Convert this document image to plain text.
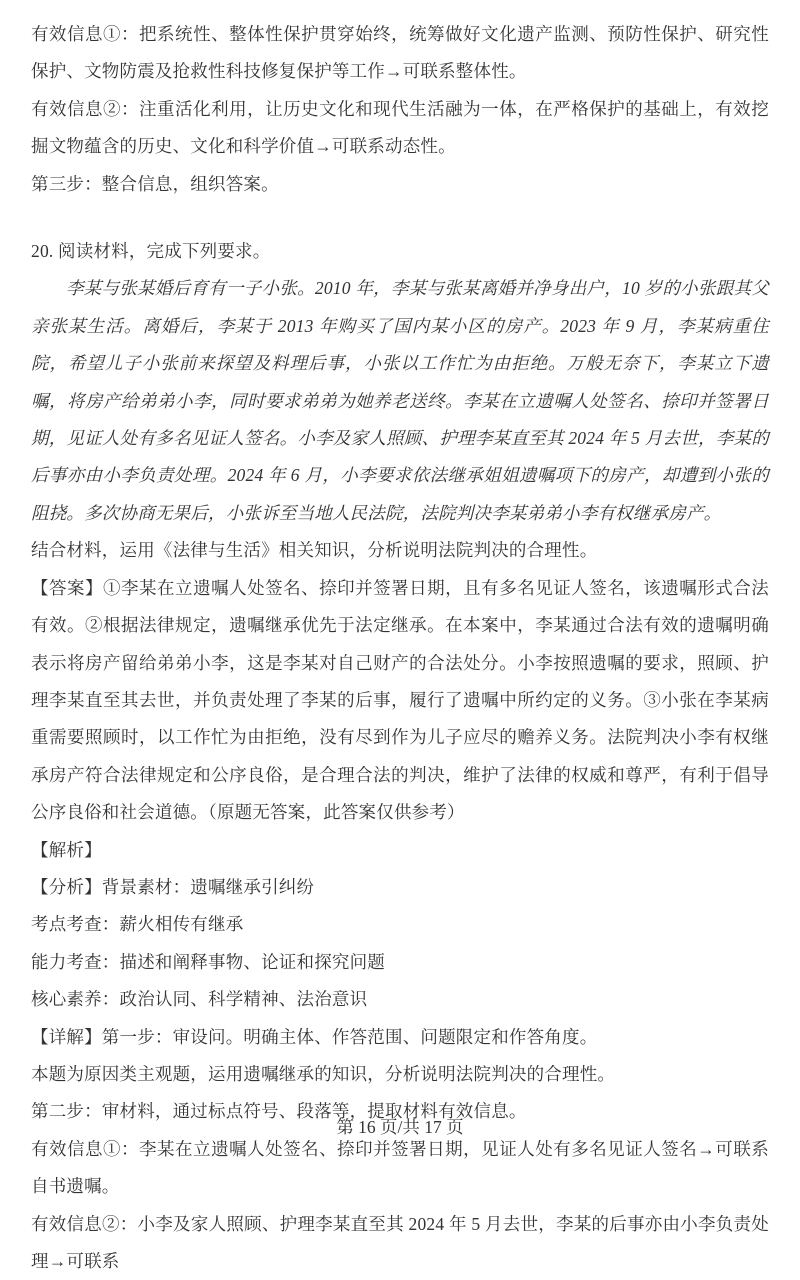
有效信息①：把系统性、整体性保护贯穿始终，统筹做好文化遗产监测、预防性保护、研究性保护、文物防震及抢救性科技修复保护等工作→可联系整体性。

有效信息②：注重活化利用，让历史文化和现代生活融为一体，在严格保护的基础上，有效挖掘文物蕴含的历史、文化和科学价值→可联系动态性。

第三步：整合信息，组织答案。

20. 阅读材料，完成下列要求。

李某与张某婚后育有一子小张。2010 年，李某与张某离婚并净身出户，10 岁的小张跟其父亲张某生活。离婚后，李某于 2013 年购买了国内某小区的房产。2023 年 9 月，李某病重住院，希望儿子小张前来探望及料理后事，小张以工作忙为由拒绝。万般无奈下，李某立下遗嘱，将房产给弟弟小李，同时要求弟弟为她养老送终。李某在立遗嘱人处签名、捺印并签署日期，见证人处有多名见证人签名。小李及家人照顾、护理李某直至其 2024 年 5 月去世，李某的后事亦由小李负责处理。2024 年 6 月，小李要求依法继承姐姐遗嘱项下的房产，却遭到小张的阻挠。多次协商无果后，小张诉至当地人民法院，法院判决李某弟弟小李有权继承房产。

结合材料，运用《法律与生活》相关知识，分析说明法院判决的合理性。

【答案】①李某在立遗嘱人处签名、捺印并签署日期，且有多名见证人签名，该遗嘱形式合法有效。②根据法律规定，遗嘱继承优先于法定继承。在本案中，李某通过合法有效的遗嘱明确表示将房产留给弟弟小李，这是李某对自己财产的合法处分。小李按照遗嘱的要求，照顾、护理李某直至其去世，并负责处理了李某的后事，履行了遗嘱中所约定的义务。③小张在李某病重需要照顾时，以工作忙为由拒绝，没有尽到作为儿子应尽的赡养义务。法院判决小李有权继承房产符合法律规定和公序良俗，是合理合法的判决，维护了法律的权威和尊严，有利于倡导公序良俗和社会道德。（原题无答案，此答案仅供参考）

【解析】

【分析】背景素材：遗嘱继承引纠纷

考点考查：薪火相传有继承

能力考查：描述和阐释事物、论证和探究问题

核心素养：政治认同、科学精神、法治意识

【详解】第一步：审设问。明确主体、作答范围、问题限定和作答角度。

本题为原因类主观题，运用遗嘱继承的知识，分析说明法院判决的合理性。

第二步：审材料，通过标点符号、段落等，提取材料有效信息。

有效信息①：李某在立遗嘱人处签名、捺印并签署日期，见证人处有多名见证人签名→可联系自书遗嘱。

有效信息②：小李及家人照顾、护理李某直至其 2024 年 5 月去世，李某的后事亦由小李负责处理→可联系

第 16 页/共 17 页
